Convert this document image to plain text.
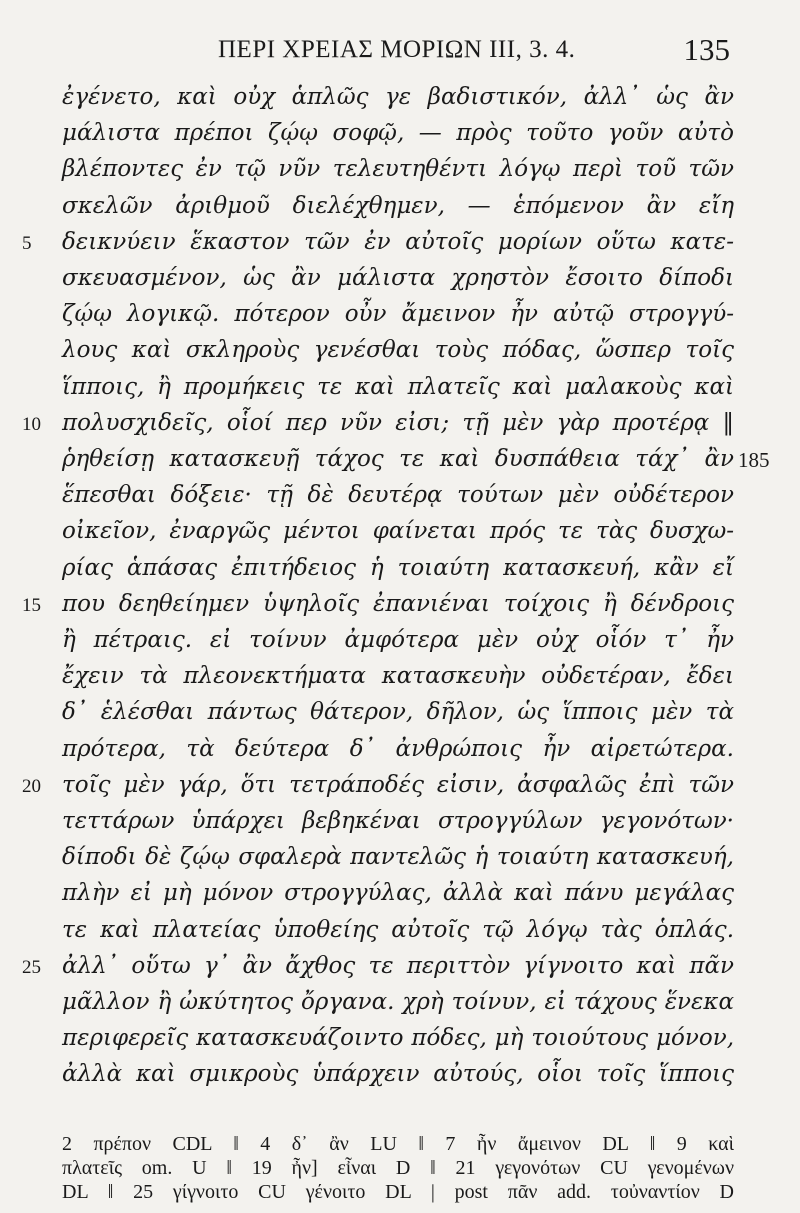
ΠΕΡΙ ΧΡΕΙΑΣ ΜΟΡΙΩΝ III, 3. 4.	135
ἐγένετο, καὶ οὐχ ἁπλῶς γε βαδιστικόν, ἀλλ᾽ ὡς ἂν
μάλιστα πρέποι ζῴῳ σοφῷ, — πρὸς τοῦτο γοῦν αὐτὸ
βλέποντες ἐν τῷ νῦν τελευτηθέντι λόγῳ περὶ τοῦ τῶν
σκελῶν ἀριθμοῦ διελέχθημεν, — ἑπόμενον ἂν εἴη
δεικνύειν ἕκαστον τῶν ἐν αὐτοῖς μορίων οὕτω κατε-
5
σκευασμένον, ὡς ἂν μάλιστα χρηστὸν ἔσοιτο δίποδι
ζῴῳ λογικῷ. πότερον οὖν ἄμεινον ἦν αὐτῷ στρογγύ-
λους καὶ σκληροὺς γενέσθαι τοὺς πόδας, ὥσπερ τοῖς
ἵπποις, ἢ προμήκεις τε καὶ πλατεῖς καὶ μαλακοὺς καὶ
πολυσχιδεῖς, οἷοί περ νῦν εἰσι; τῇ μὲν γὰρ προτέρᾳ ‖
10
ῥηθείσῃ κατασκευῇ τάχος τε καὶ δυσπάθεια τάχ᾽ ἂν 185
ἕπεσθαι δόξειε· τῇ δὲ δευτέρᾳ τούτων μὲν οὐδέτερον
οἰκεῖον, ἐναργῶς μέντοι φαίνεται πρός τε τὰς δυσχω-
ρίας ἁπάσας ἐπιτήδειος ἡ τοιαύτη κατασκευή, κἂν εἴ
που δεηθείημεν ὑψηλοῖς ἐπανιέναι τοίχοις ἢ δένδροις
15
ἢ πέτραις. εἰ τοίνυν ἀμφότερα μὲν οὐχ οἷόν τ᾽ ἦν
ἔχειν τὰ πλεονεκτήματα κατασκευὴν οὐδετέραν, ἔδει
δ᾽ ἑλέσθαι πάντως θάτερον, δῆλον, ὡς ἵπποις μὲν τὰ
πρότερα, τὰ δεύτερα δ᾽ ἀνθρώποις ἦν αἱρετώτερα.
τοῖς μὲν γάρ, ὅτι τετράποδές εἰσιν, ἀσφαλῶς ἐπὶ τῶν
20
τεττάρων ὑπάρχει βεβηκέναι στρογγύλων γεγονότων·
δίποδι δὲ ζῴῳ σφαλερὰ παντελῶς ἡ τοιαύτη κατασκευή,
πλὴν εἰ μὴ μόνον στρογγύλας, ἀλλὰ καὶ πάνυ μεγάλας
τε καὶ πλατείας ὑποθείης αὐτοῖς τῷ λόγῳ τὰς ὁπλάς.
ἀλλ᾽ οὕτω γ᾽ ἂν ἄχθος τε περιττὸν γίγνοιτο καὶ πᾶν
25
μᾶλλον ἢ ὠκύτητος ὄργανα. χρὴ τοίνυν, εἰ τάχους ἕνεκα
περιφερεῖς κατασκευάζοιντο πόδες, μὴ τοιούτους μόνον,
ἀλλὰ καὶ σμικροὺς ὑπάρχειν αὐτούς, οἷοι τοῖς ἵπποις
2 πρέπον CDL ‖ 4 δ᾽ ἂν LU ‖ 7 ἦν ἄμεινον DL ‖ 9 καὶ
πλατεῖς om. U ‖ 19 ἦν] εἶναι D ‖ 21 γεγονότων CU γενομένων
DL ‖ 25 γίγνοιτο CU γένοιτο DL | post πᾶν add. τοὐναντίον D
